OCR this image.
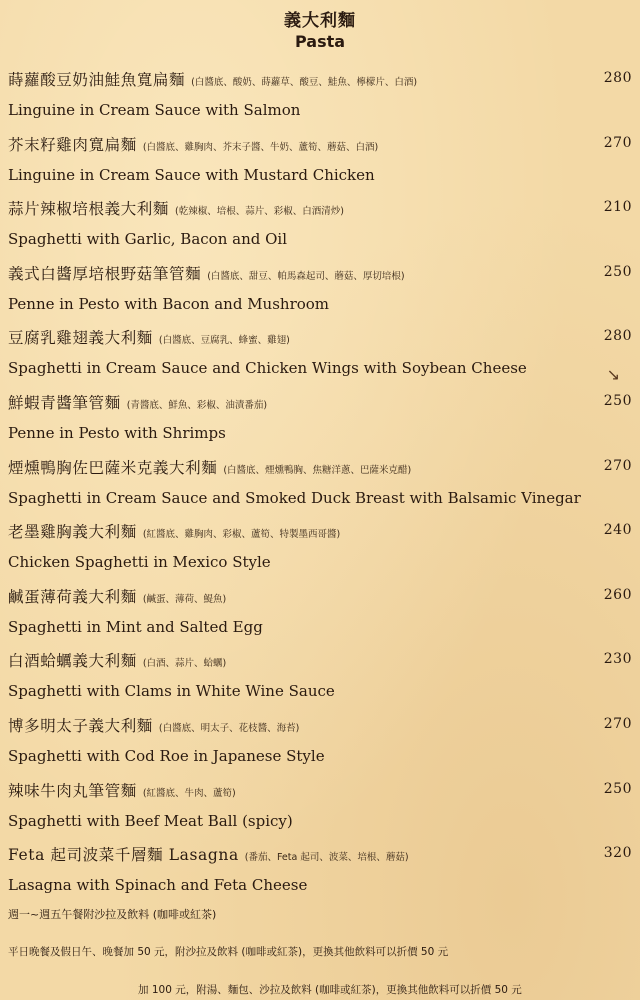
義大利麵
Pasta
蒔蘿酸豆奶油鮭魚寬扁麵 (白醬底、酸奶、蒔蘿草、酸豆、鮭魚、檸檬片、白酒)	280
Linguine in Cream Sauce with Salmon
芥末籽雞肉寬扁麵 (白醬底、雞胸肉、芥末子醬、牛奶、蘆筍、蘑菇、白酒)	270
Linguine in Cream Sauce with Mustard Chicken
蒜片辣椒培根義大利麵 (乾辣椒、培根、蒜片、彩椒、白酒清炒)	210
Spaghetti with Garlic, Bacon and Oil
義式白醬厚培根野菇筆管麵 (白醬底、甜豆、帕馬森起司、蘑菇、厚切培根)	250
Penne in Pesto with Bacon and Mushroom
豆腐乳雞翅義大利麵 (白醬底、豆腐乳、蜂蜜、雞翅)	280
Spaghetti in Cream Sauce and Chicken Wings with Soybean Cheese
鮮蝦青醬筆管麵 (青醬底、鮮魚、彩椒、油漬番茄)	250
Penne in Pesto with Shrimps
煙燻鴨胸佐巴薩米克義大利麵 (白醬底、煙燻鴨胸、焦糖洋蔥、巴薩米克醋)	270
Spaghetti in Cream Sauce and Smoked Duck Breast with Balsamic Vinegar
老墨雞胸義大利麵 (紅醬底、雞胸肉、彩椒、蘆筍、特製墨西哥醬)	240
Chicken Spaghetti in Mexico Style
鹹蛋薄荷義大利麵 (鹹蛋、薄荷、鯷魚)	260
Spaghetti in Mint and Salted Egg
白酒蛤蠣義大利麵 (白酒、蒜片、蛤蠣)	230
Spaghetti with Clams in White Wine Sauce
博多明太子義大利麵 (白醬底、明太子、花枝醬、海苔)	270
Spaghetti with Cod Roe in Japanese Style
辣味牛肉丸筆管麵 (紅醬底、牛肉、蘆筍)	250
Spaghetti with Beef Meat Ball (spicy)
Feta 起司波菜千層麵 Lasagna (番茄、Feta 起司、波菜、培根、蘑菇)	320
Lasagna with Spinach and Feta Cheese
↘
週一~週五午餐附沙拉及飲料 (咖啡或紅茶)
平日晚餐及假日午、晚餐加 50 元，附沙拉及飲料 (咖啡或紅茶)，更換其他飲料可以折價 50 元
加 100 元，附湯、麵包、沙拉及飲料 (咖啡或紅茶)，更換其他飲料可以折價 50 元
